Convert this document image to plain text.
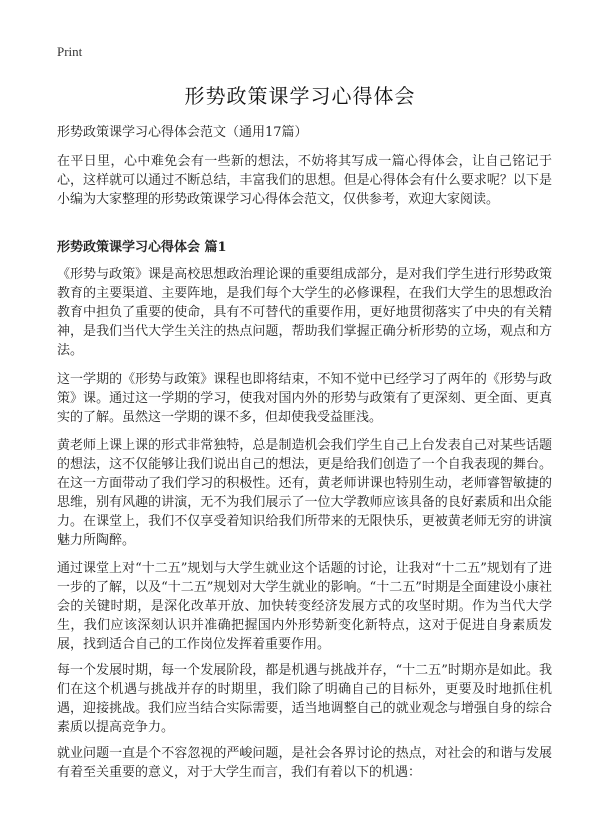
Print
形势政策课学习心得体会

形势政策课学习心得体会范文（通用17篇）

在平日里，心中难免会有一些新的想法，不妨将其写成一篇心得体会，让自己铭记于心，这样就可以通过不断总结，丰富我们的思想。但是心得体会有什么要求呢？以下是小编为大家整理的形势政策课学习心得体会范文，仅供参考，欢迎大家阅读。

形势政策课学习心得体会 篇1

《形势与政策》课是高校思想政治理论课的重要组成部分，是对我们学生进行形势政策教育的主要渠道、主要阵地，是我们每个大学生的必修课程，在我们大学生的思想政治教育中担负了重要的使命，具有不可替代的重要作用，更好地贯彻落实了中央的有关精神，是我们当代大学生关注的热点问题，帮助我们掌握正确分析形势的立场，观点和方法。

这一学期的《形势与政策》课程也即将结束，不知不觉中已经学习了两年的《形势与政策》课。通过这一学期的学习，使我对国内外的形势与政策有了更深刻、更全面、更真实的了解。虽然这一学期的课不多，但却使我受益匪浅。

黄老师上课上课的形式非常独特，总是制造机会我们学生自己上台发表自己对某些话题的想法，这不仅能够让我们说出自己的想法，更是给我们创造了一个自我表现的舞台。在这一方面带动了我们学习的积极性。还有，黄老师讲课也特别生动，老师睿智敏捷的思维，别有风趣的讲演，无不为我们展示了一位大学教师应该具备的良好素质和出众能力。在课堂上，我们不仅享受着知识给我们所带来的无限快乐，更被黄老师无穷的讲演魅力所陶醉。

通过课堂上对“十二五”规划与大学生就业这个话题的讨论，让我对“十二五”规划有了进一步的了解，以及“十二五”规划对大学生就业的影响。“十二五”时期是全面建设小康社会的关键时期，是深化改革开放、加快转变经济发展方式的攻坚时期。作为当代大学生，我们应该深刻认识并准确把握国内外形势新变化新特点，这对于促进自身素质发展，找到适合自己的工作岗位发挥着重要作用。

每一个发展时期，每一个发展阶段，都是机遇与挑战并存，“十二五”时期亦是如此。我们在这个机遇与挑战并存的时期里，我们除了明确自己的目标外，更要及时地抓住机遇，迎接挑战。我们应当结合实际需要，适当地调整自己的就业观念与增强自身的综合素质以提高竞争力。

就业问题一直是个不容忽视的严峻问题，是社会各界讨论的热点，对社会的和谐与发展有着至关重要的意义，对于大学生而言，我们有着以下的机遇：
